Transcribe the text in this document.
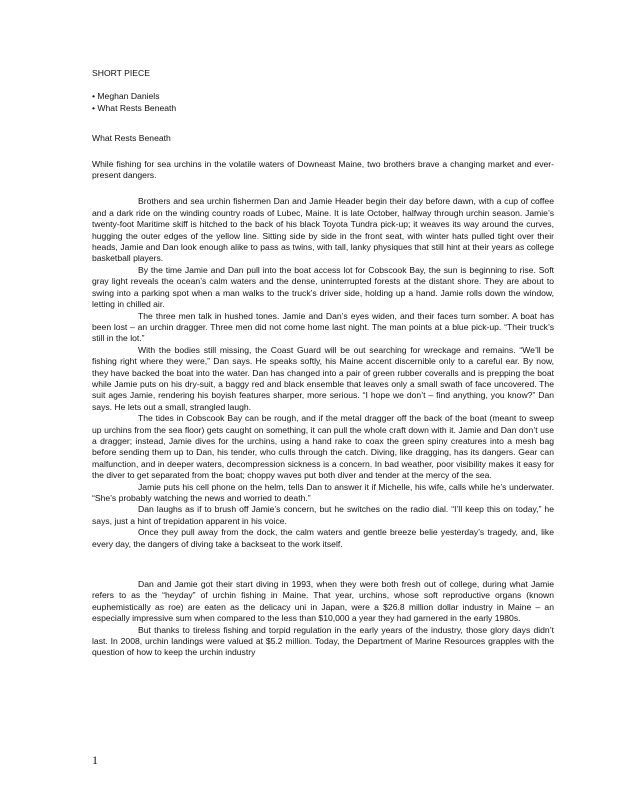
SHORT PIECE

• Meghan Daniels
• What Rests Beneath

What Rests Beneath

While fishing for sea urchins in the volatile waters of Downeast Maine, two brothers brave a changing market and ever-present dangers.

Brothers and sea urchin fishermen Dan and Jamie Header begin their day before dawn, with a cup of coffee and a dark ride on the winding country roads of Lubec, Maine. It is late October, halfway through urchin season. Jamie’s twenty-foot Maritime skiff is hitched to the back of his black Toyota Tundra pick-up; it weaves its way around the curves, hugging the outer edges of the yellow line. Sitting side by side in the front seat, with winter hats pulled tight over their heads, Jamie and Dan look enough alike to pass as twins, with tall, lanky physiques that still hint at their years as college basketball players.

By the time Jamie and Dan pull into the boat access lot for Cobscook Bay, the sun is beginning to rise. Soft gray light reveals the ocean’s calm waters and the dense, uninterrupted forests at the distant shore. They are about to swing into a parking spot when a man walks to the truck’s driver side, holding up a hand. Jamie rolls down the window, letting in chilled air.

The three men talk in hushed tones. Jamie and Dan’s eyes widen, and their faces turn somber. A boat has been lost – an urchin dragger. Three men did not come home last night. The man points at a blue pick-up. “Their truck’s still in the lot.”

With the bodies still missing, the Coast Guard will be out searching for wreckage and remains. “We’ll be fishing right where they were,” Dan says. He speaks softly, his Maine accent discernible only to a careful ear. By now, they have backed the boat into the water. Dan has changed into a pair of green rubber coveralls and is prepping the boat while Jamie puts on his dry-suit, a baggy red and black ensemble that leaves only a small swath of face uncovered. The suit ages Jamie, rendering his boyish features sharper, more serious. “I hope we don’t – find anything, you know?” Dan says. He lets out a small, strangled laugh.

The tides in Cobscook Bay can be rough, and if the metal dragger off the back of the boat (meant to sweep up urchins from the sea floor) gets caught on something, it can pull the whole craft down with it. Jamie and Dan don’t use a dragger; instead, Jamie dives for the urchins, using a hand rake to coax the green spiny creatures into a mesh bag before sending them up to Dan, his tender, who culls through the catch. Diving, like dragging, has its dangers. Gear can malfunction, and in deeper waters, decompression sickness is a concern. In bad weather, poor visibility makes it easy for the diver to get separated from the boat; choppy waves put both diver and tender at the mercy of the sea.

Jamie puts his cell phone on the helm, tells Dan to answer it if Michelle, his wife, calls while he’s underwater. “She’s probably watching the news and worried to death.”

Dan laughs as if to brush off Jamie’s concern, but he switches on the radio dial. “I’ll keep this on today,” he says, just a hint of trepidation apparent in his voice.

Once they pull away from the dock, the calm waters and gentle breeze belie yesterday’s tragedy, and, like every day, the dangers of diving take a backseat to the work itself.

Dan and Jamie got their start diving in 1993, when they were both fresh out of college, during what Jamie refers to as the “heyday” of urchin fishing in Maine. That year, urchins, whose soft reproductive organs (known euphemistically as roe) are eaten as the delicacy uni in Japan, were a $26.8 million dollar industry in Maine – an especially impressive sum when compared to the less than $10,000 a year they had garnered in the early 1980s.

But thanks to tireless fishing and torpid regulation in the early years of the industry, those glory days didn’t last. In 2008, urchin landings were valued at $5.2 million. Today, the Department of Marine Resources grapples with the question of how to keep the urchin industry

1
